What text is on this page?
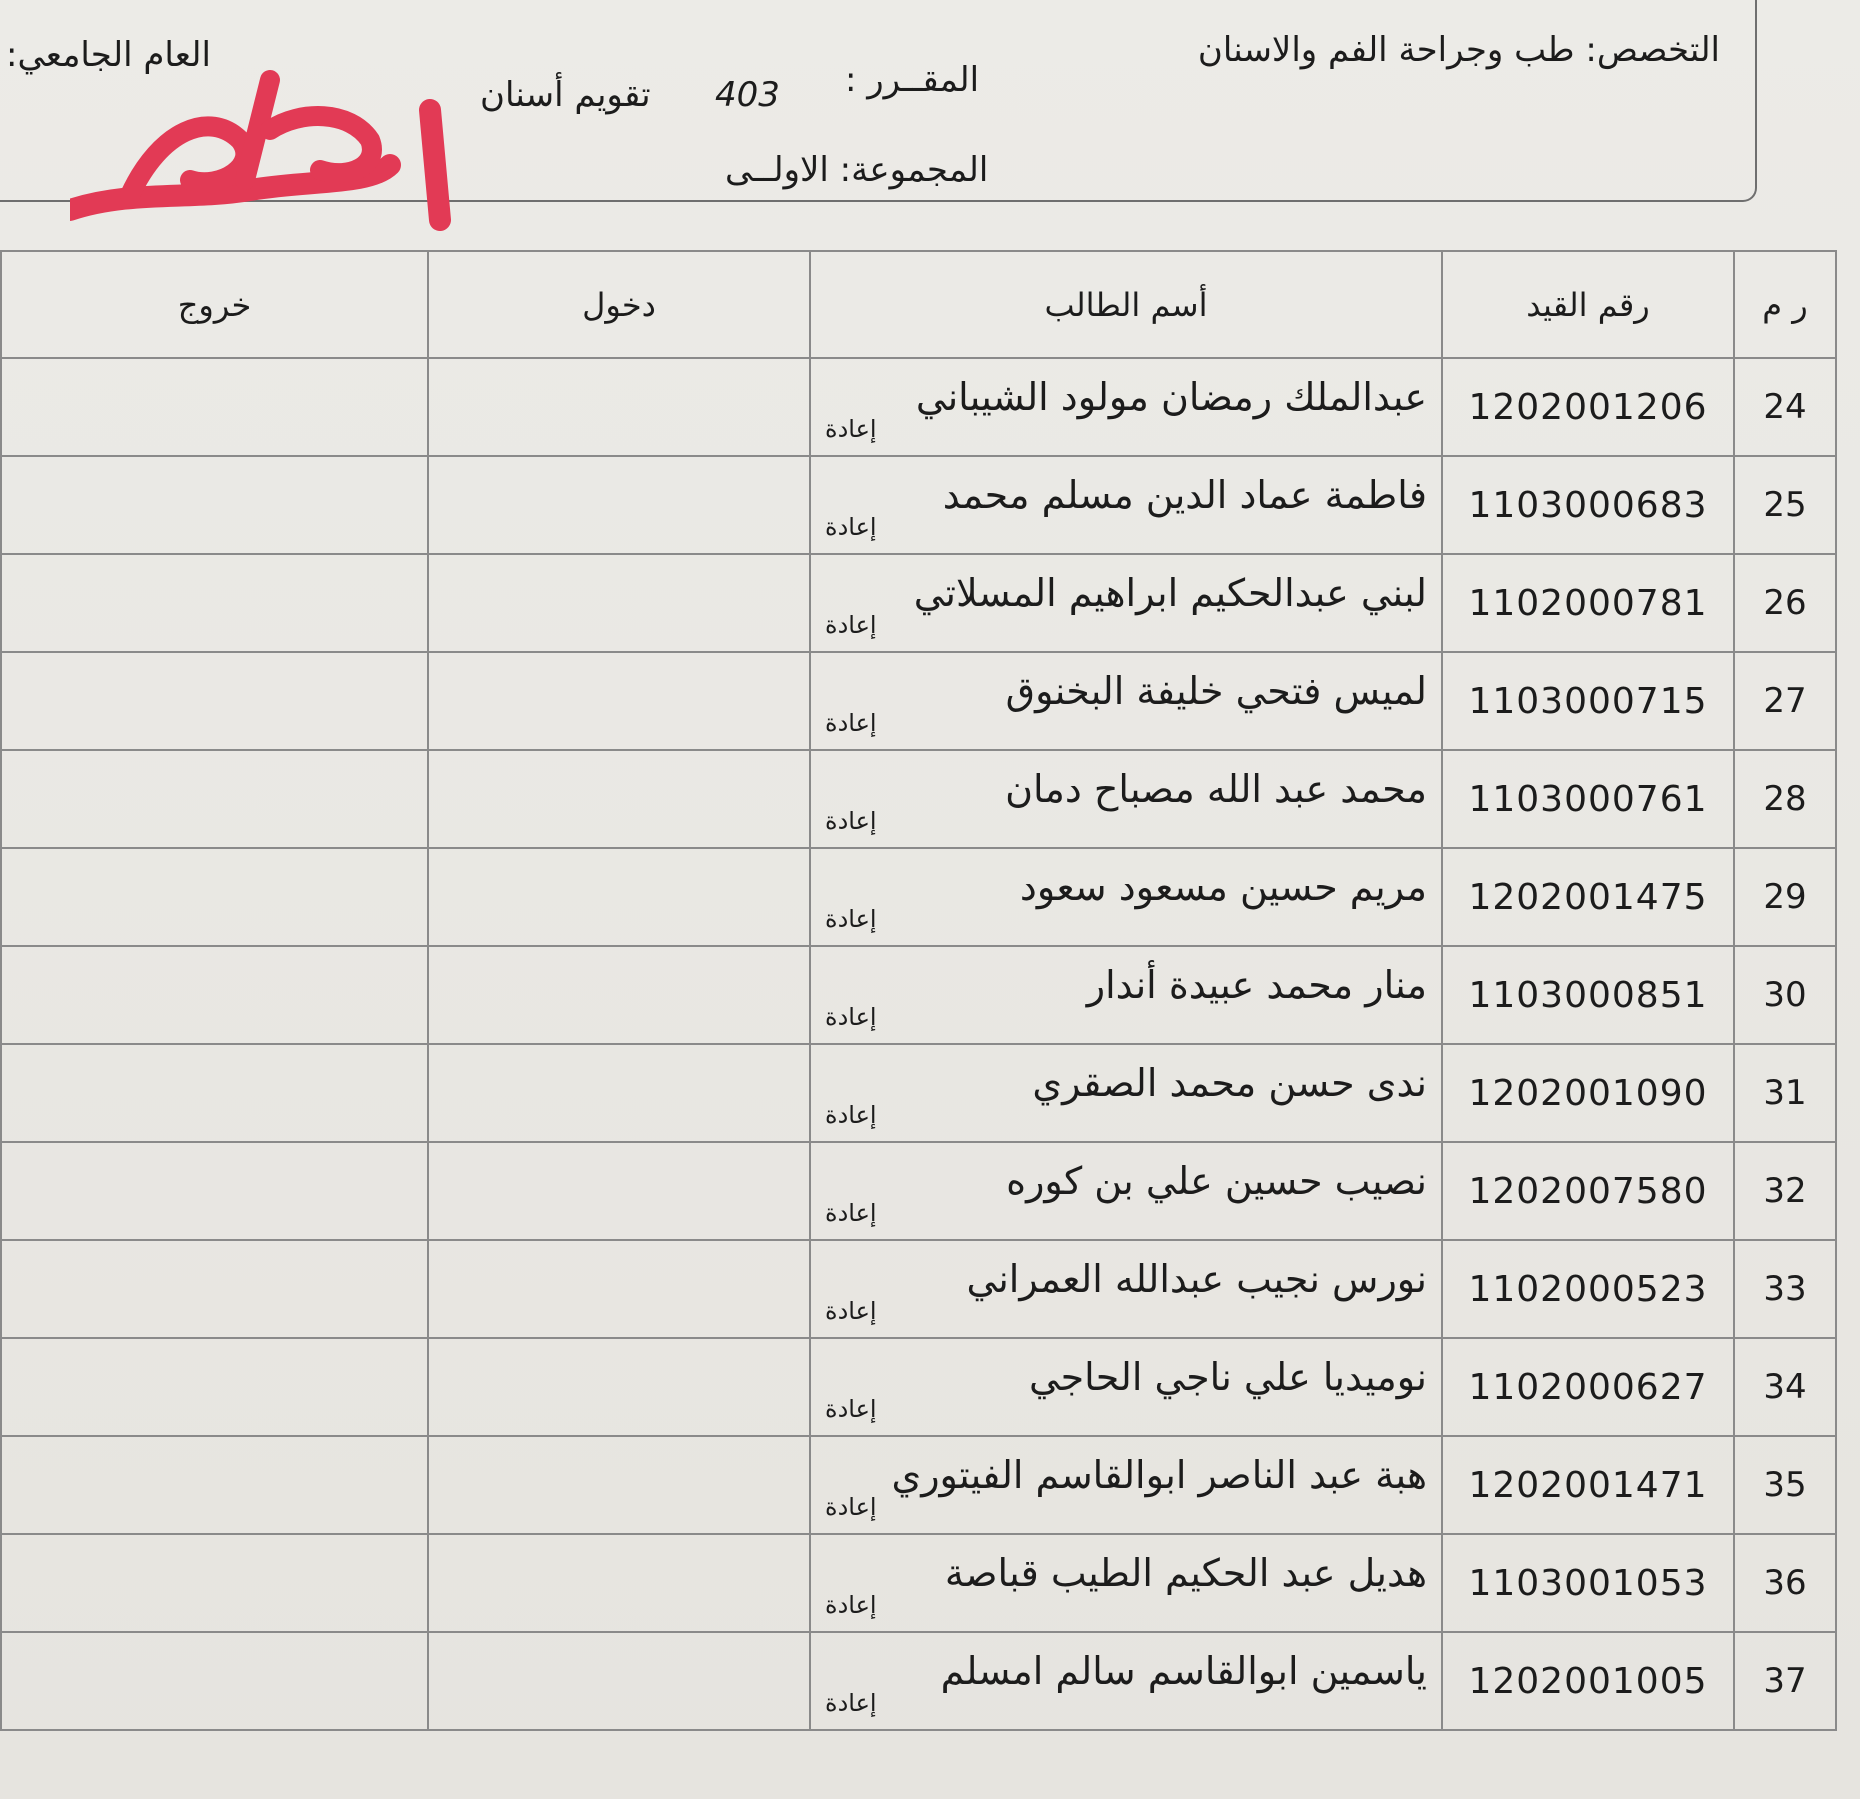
التخصص: طب وجراحة الفم والاسنان
العام الجامعي:
المقــرر :
403
تقويم أسنان
المجموعة: الاولــى
ر م	رقم القيد	أسم الطالب	دخول	خروج
24	1202001206	عبدالملك رمضان مولود الشيباني
إعادة		

25	1103000683	فاطمة عماد الدين مسلم محمد
إعادة		

26	1102000781	لبني عبدالحكيم ابراهيم المسلاتي
إعادة		

27	1103000715	لميس فتحي خليفة البخنوق
إعادة		

28	1103000761	محمد عبد الله مصباح دمان
إعادة		

29	1202001475	مريم حسين مسعود سعود
إعادة		

30	1103000851	منار محمد عبيدة أندار
إعادة		

31	1202001090	ندى حسن محمد الصقري
إعادة		

32	1202007580	نصيب حسين علي بن كوره
إعادة		

33	1102000523	نورس نجيب عبدالله العمراني
إعادة		

34	1102000627	نوميديا علي ناجي الحاجي
إعادة		

35	1202001471	هبة عبد الناصر ابوالقاسم الفيتوري
إعادة		

36	1103001053	هديل عبد الحكيم الطيب قباصة
إعادة		

37	1202001005	ياسمين ابوالقاسم سالم امسلم
إعادة		
